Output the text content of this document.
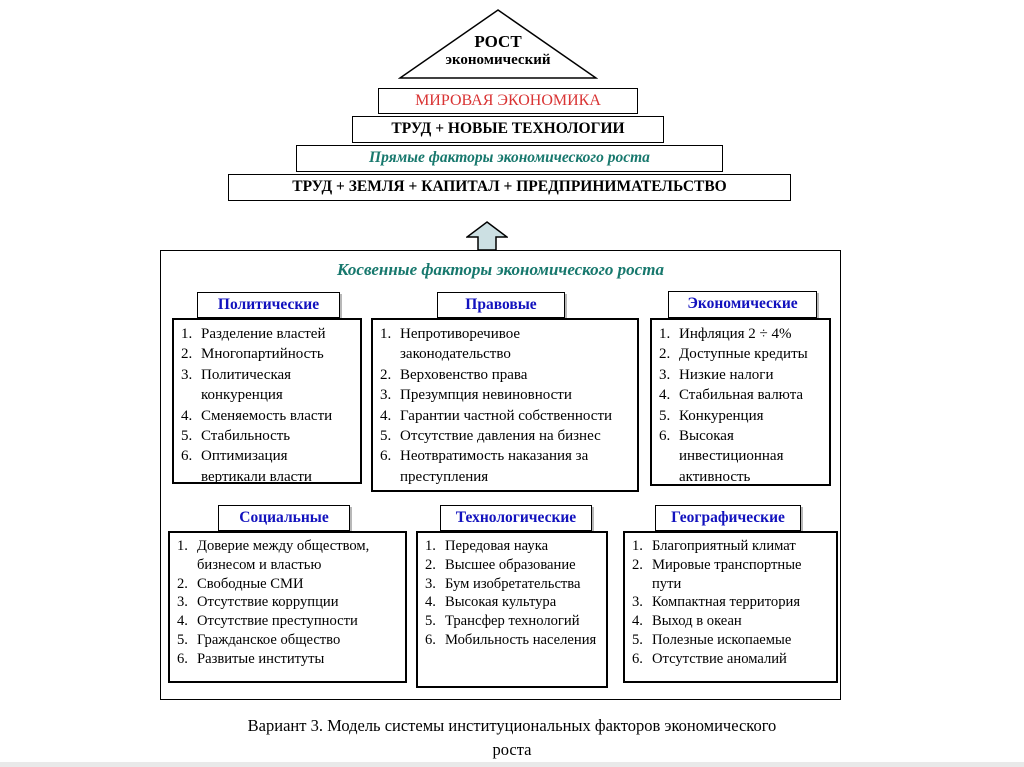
РОСТ
экономический
МИРОВАЯ ЭКОНОМИКА
ТРУД + НОВЫЕ ТЕХНОЛОГИИ
Прямые факторы экономического роста
ТРУД + ЗЕМЛЯ + КАПИТАЛ + ПРЕДПРИНИМАТЕЛЬСТВО
Косвенные факторы экономического роста
Политические	Правовые	Экономические
Разделение властей
Многопартийность
Политическая конкуренция
Сменяемость власти
Стабильность
Оптимизация вертикали власти
Непротиворечивое законодательство
Верховенство права
Презумпция невиновности
Гарантии частной собственности
Отсутствие давления на бизнес
Неотвратимость наказания за преступления
Инфляция 2 ÷ 4%
Доступные кредиты
Низкие налоги
Стабильная валюта
Конкуренция
Высокая инвестиционная активность
Социальные	Технологические	Географические
Доверие между обществом, бизнесом и властью
Свободные СМИ
Отсутствие коррупции
Отсутствие преступности
Гражданское общество
Развитые институты
Передовая наука
Высшее образование
Бум изобретательства
Высокая культура
Трансфер технологий
Мобильность населения
Благоприятный климат
Мировые транспортные пути
Компактная территория
Выход в океан
Полезные ископаемые
Отсутствие аномалий
Вариант 3. Модель системы институциональных факторов экономического
роста
